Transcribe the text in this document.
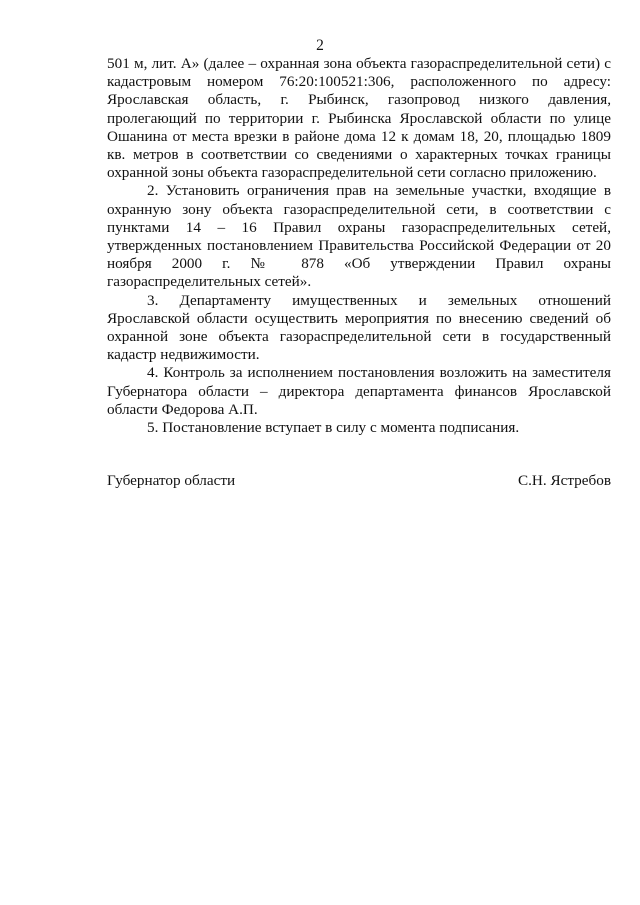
2

501 м, лит. А» (далее – охранная зона объекта газораспределительной сети) с кадастровым номером 76:20:100521:306, расположенного по адресу: Ярославская область, г. Рыбинск, газопровод низкого давления, пролегающий по территории г. Рыбинска Ярославской области по улице Ошанина от места врезки в районе дома 12 к домам 18, 20, площадью 1809 кв. метров в соответствии со сведениями о характерных точках границы охранной зоны объекта газораспределительной сети согласно приложению.

2. Установить ограничения прав на земельные участки, входящие в охранную зону объекта газораспределительной сети, в соответствии с пунктами 14 – 16 Правил охраны газораспределительных сетей, утвержденных постановлением Правительства Российской Федерации от 20 ноября 2000 г. № 878 «Об утверждении Правил охраны газораспределительных сетей».

3. Департаменту имущественных и земельных отношений Ярославской области осуществить мероприятия по внесению сведений об охранной зоне объекта газораспределительной сети в государственный кадастр недвижимости.

4. Контроль за исполнением постановления возложить на заместителя Губернатора области – директора департамента финансов Ярославской области Федорова А.П.

5. Постановление вступает в силу с момента подписания.

Губернатор области	С.Н. Ястребов
